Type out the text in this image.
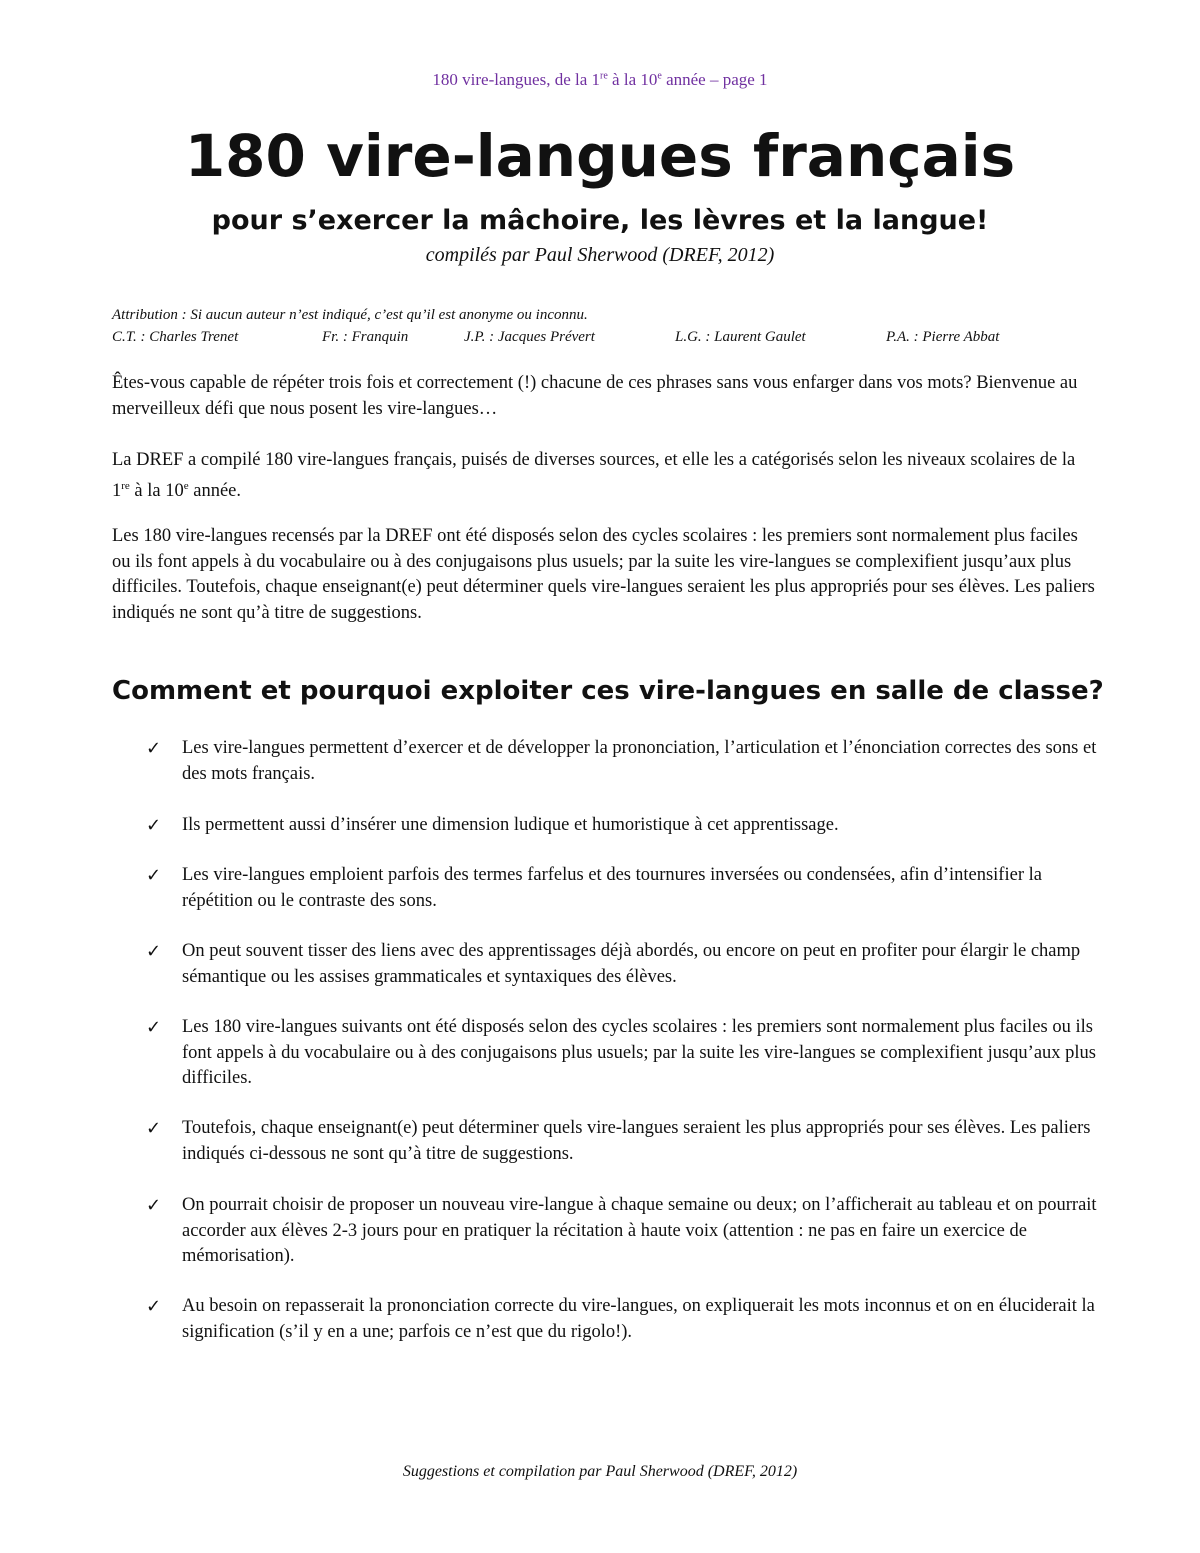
180 vire-langues, de la 1re à la 10e année – page 1
180 vire-langues français
pour s’exercer la mâchoire, les lèvres et la langue!
compilés par Paul Sherwood (DREF, 2012)
Attribution : Si aucun auteur n’est indiqué, c’est qu’il est anonyme ou inconnu.
C.T. : Charles Trenet	Fr. : Franquin	J.P. : Jacques Prévert	L.G. : Laurent Gaulet	P.A. : Pierre Abbat

Êtes-vous capable de répéter trois fois et correctement (!) chacune de ces phrases sans vous enfarger dans vos mots? Bienvenue au merveilleux défi que nous posent les vire-langues…

La DREF a compilé 180 vire-langues français, puisés de diverses sources, et elle les a catégorisés selon les niveaux scolaires de la 1re à la 10e année.

Les 180 vire-langues recensés par la DREF ont été disposés selon des cycles scolaires : les premiers sont normalement plus faciles ou ils font appels à du vocabulaire ou à des conjugaisons plus usuels; par la suite les vire-langues se complexifient jusqu’aux plus difficiles. Toutefois, chaque enseignant(e) peut déterminer quels vire-langues seraient les plus appropriés pour ses élèves. Les paliers indiqués ne sont qu’à titre de suggestions.

Comment et pourquoi exploiter ces vire-langues en salle de classe?
✓ Les vire-langues permettent d’exercer et de développer la prononciation, l’articulation et l’énonciation correctes des sons et des mots français.
✓ Ils permettent aussi d’insérer une dimension ludique et humoristique à cet apprentissage.
✓ Les vire-langues emploient parfois des termes farfelus et des tournures inversées ou condensées, afin d’intensifier la répétition ou le contraste des sons.
✓ On peut souvent tisser des liens avec des apprentissages déjà abordés, ou encore on peut en profiter pour élargir le champ sémantique ou les assises grammaticales et syntaxiques des élèves.
✓ Les 180 vire-langues suivants ont été disposés selon des cycles scolaires : les premiers sont normalement plus faciles ou ils font appels à du vocabulaire ou à des conjugaisons plus usuels; par la suite les vire-langues se complexifient jusqu’aux plus difficiles.
✓ Toutefois, chaque enseignant(e) peut déterminer quels vire-langues seraient les plus appropriés pour ses élèves. Les paliers indiqués ci-dessous ne sont qu’à titre de suggestions.
✓ On pourrait choisir de proposer un nouveau vire-langue à chaque semaine ou deux; on l’afficherait au tableau et on pourrait accorder aux élèves 2-3 jours pour en pratiquer la récitation à haute voix (attention : ne pas en faire un exercice de mémorisation).
✓ Au besoin on repasserait la prononciation correcte du vire-langues, on expliquerait les mots inconnus et on en éluciderait la signification (s’il y en a une; parfois ce n’est que du rigolo!).
Suggestions et compilation par Paul Sherwood (DREF, 2012)
